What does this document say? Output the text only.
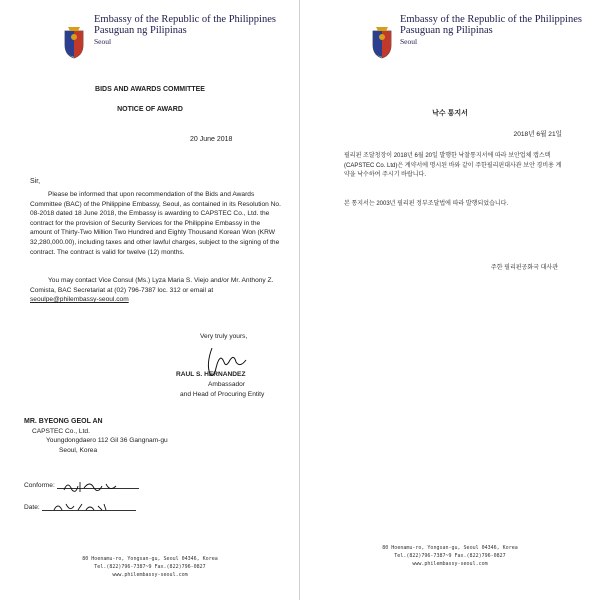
Embassy of the Republic of the Philippines
Pasuguan ng Pilipinas
Seoul
BIDS AND AWARDS COMMITTEE
NOTICE OF AWARD
20 June 2018
Sir,

Please be informed that upon recommendation of the Bids and Awards Committee (BAC) of the Philippine Embassy, Seoul, as contained in its Resolution No. 08-2018 dated 18 June 2018, the Embassy is awarding to CAPSTEC Co., Ltd. the contract for the provision of Security Services for the Philippine Embassy in the amount of Thirty-Two Million Two Hundred and Eighty Thousand Korean Won (KRW 32,280,000.00), including taxes and other lawful charges, subject to the signing of the contract. The contract is valid for twelve (12) months.

You may contact Vice Consul (Ms.) Lyza Maria S. Viejo and/or Mr. Anthony Z. Comista, BAC Secretariat at (02) 796-7387 loc. 312 or email at seoulpe@philembassy-seoul.com

Very truly yours,
RAUL S. HERNANDEZ
Ambassador
and Head of Procuring Entity
MR. BYEONG GEOL AN
CAPSTEC Co., Ltd.
Youngdongdaero 112 Gil 36 Gangnam-gu
Seoul, Korea
Conforme:
Date:
80 Hoenamu-ro, Yongsan-gu, Seoul 04346, Korea
Tel.(822)796-7387~9 Fax.(822)796-0827
www.philembassy-seoul.com
Embassy of the Republic of the Philippines
Pasuguan ng Pilipinas
Seoul
낙수 통지서
2018년 6월 21일

필리핀 조달청장이 2018년 6월 20일 발행한 낙찰통지서에 따라 보안업체 캡스텍(CAPSTEC Co. Ltd)은 계약서에 명시된 바와 같이 주한필리핀대사관 보안 경비용 계약을 낙수하여 주시기 바랍니다.

본 통지서는 2003년 필리핀 정부조달법에 따라 발행되었습니다.

주한 필리핀공화국 대사관
80 Hoenamu-ro, Yongsan-gu, Seoul 04346, Korea
Tel.(822)796-7387~9 Fax.(822)796-0827
www.philembassy-seoul.com
